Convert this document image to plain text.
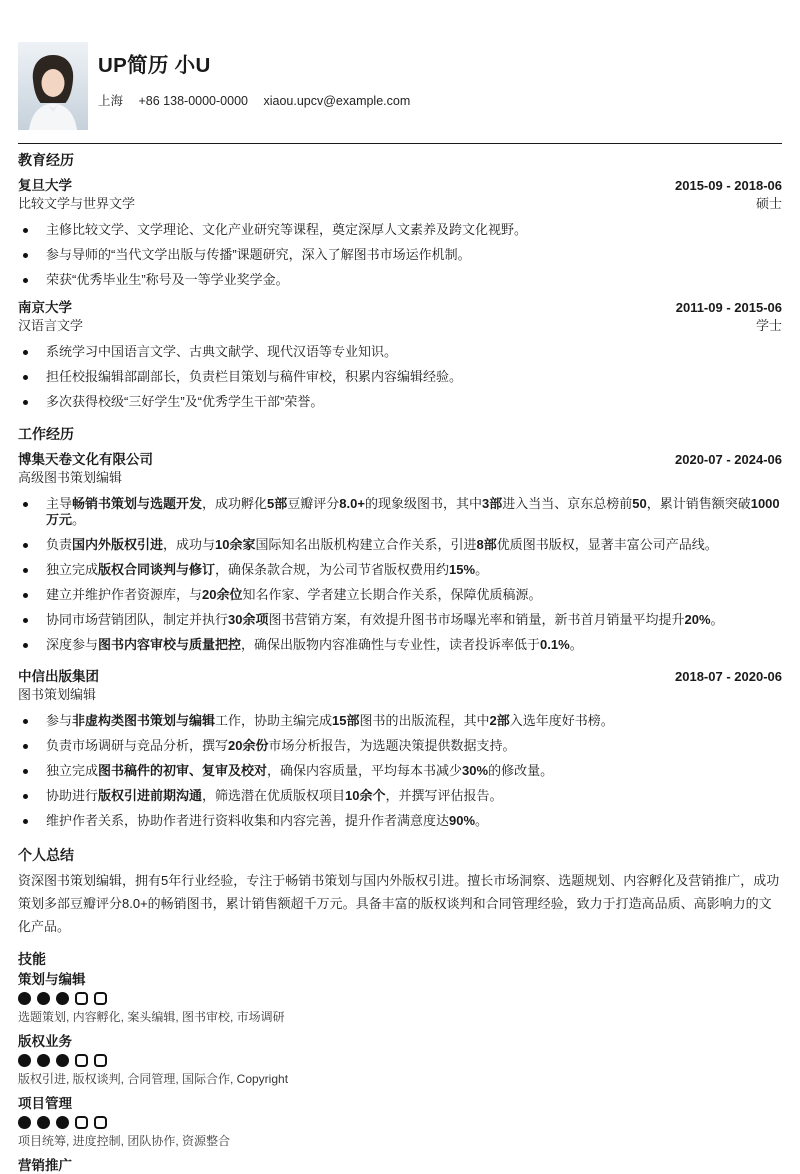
UP简历 小U
上海 +86 138-0000-0000 xiaou.upcv@example.com
教育经历
复旦大学	2015-09 - 2018-06
比较文学与世界文学	硕士
主修比较文学、文学理论、文化产业研究等课程，奠定深厚人文素养及跨文化视野。
参与导师的“当代文学出版与传播”课题研究，深入了解图书市场运作机制。
荣获“优秀毕业生”称号及一等学业奖学金。
南京大学	2011-09 - 2015-06
汉语言文学	学士
系统学习中国语言文学、古典文献学、现代汉语等专业知识。
担任校报编辑部副部长，负责栏目策划与稿件审校，积累内容编辑经验。
多次获得校级“三好学生”及“优秀学生干部”荣誉。
工作经历
博集天卷文化有限公司	2020-07 - 2024-06
高级图书策划编辑
主导畅销书策划与选题开发，成功孵化5部豆瓣评分8.0+的现象级图书，其中3部进入当当、京东总榜前50，累计销售额突破1000万元。
负责国内外版权引进，成功与10余家国际知名出版机构建立合作关系，引进8部优质图书版权，显著丰富公司产品线。
独立完成版权合同谈判与修订，确保条款合规，为公司节省版权费用约15%。
建立并维护作者资源库，与20余位知名作家、学者建立长期合作关系，保障优质稿源。
协同市场营销团队，制定并执行30余项图书营销方案，有效提升图书市场曝光率和销量，新书首月销量平均提升20%。
深度参与图书内容审校与质量把控，确保出版物内容准确性与专业性，读者投诉率低于0.1%。
中信出版集团	2018-07 - 2020-06
图书策划编辑
参与非虚构类图书策划与编辑工作，协助主编完成15部图书的出版流程，其中2部入选年度好书榜。
负责市场调研与竞品分析，撰写20余份市场分析报告，为选题决策提供数据支持。
独立完成图书稿件的初审、复审及校对，确保内容质量，平均每本书减少30%的修改量。
协助进行版权引进前期沟通，筛选潜在优质版权项目10余个，并撰写评估报告。
维护作者关系，协助作者进行资料收集和内容完善，提升作者满意度达90%。
个人总结

资深图书策划编辑，拥有5年行业经验，专注于畅销书策划与国内外版权引进。擅长市场洞察、选题规划、内容孵化及营销推广，成功策划多部豆瓣评分8.0+的畅销图书，累计销售额超千万元。具备丰富的版权谈判和合同管理经验，致力于打造高品质、高影响力的文化产品。

技能
策划与编辑
选题策划, 内容孵化, 案头编辑, 图书审校, 市场调研
版权业务
版权引进, 版权谈判, 合同管理, 国际合作, Copyright
项目管理
项目统筹, 进度控制, 团队协作, 资源整合
营销推广
